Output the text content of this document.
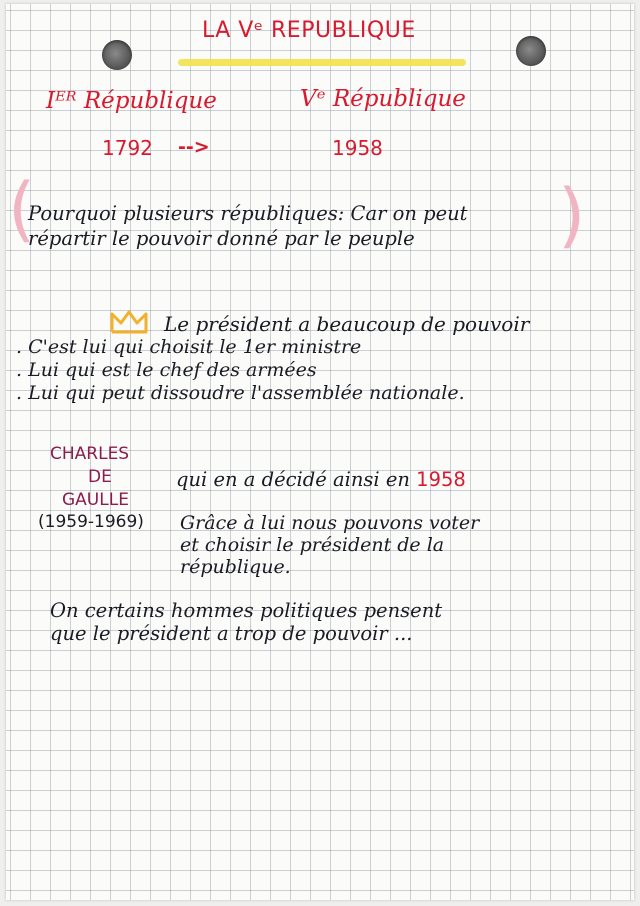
LA Vᵉ REPUBLIQUE
Iᴱᴿ République	Vᵉ République
1792 -->	1958
(	)
Pourquoi plusieurs républiques: Car on peut
répartir le pouvoir donné par le peuple
Le président a beaucoup de pouvoir
. C'est lui qui choisit le 1er ministre
. Lui qui est le chef des armées
. Lui qui peut dissoudre l'assemblée nationale.
CHARLES
DE
GAULLE
(1959-1969)
qui en a décidé ainsi en 1958
Grâce à lui nous pouvons voter
et choisir le président de la
république.
On certains hommes politiques pensent
que le président a trop de pouvoir ...
